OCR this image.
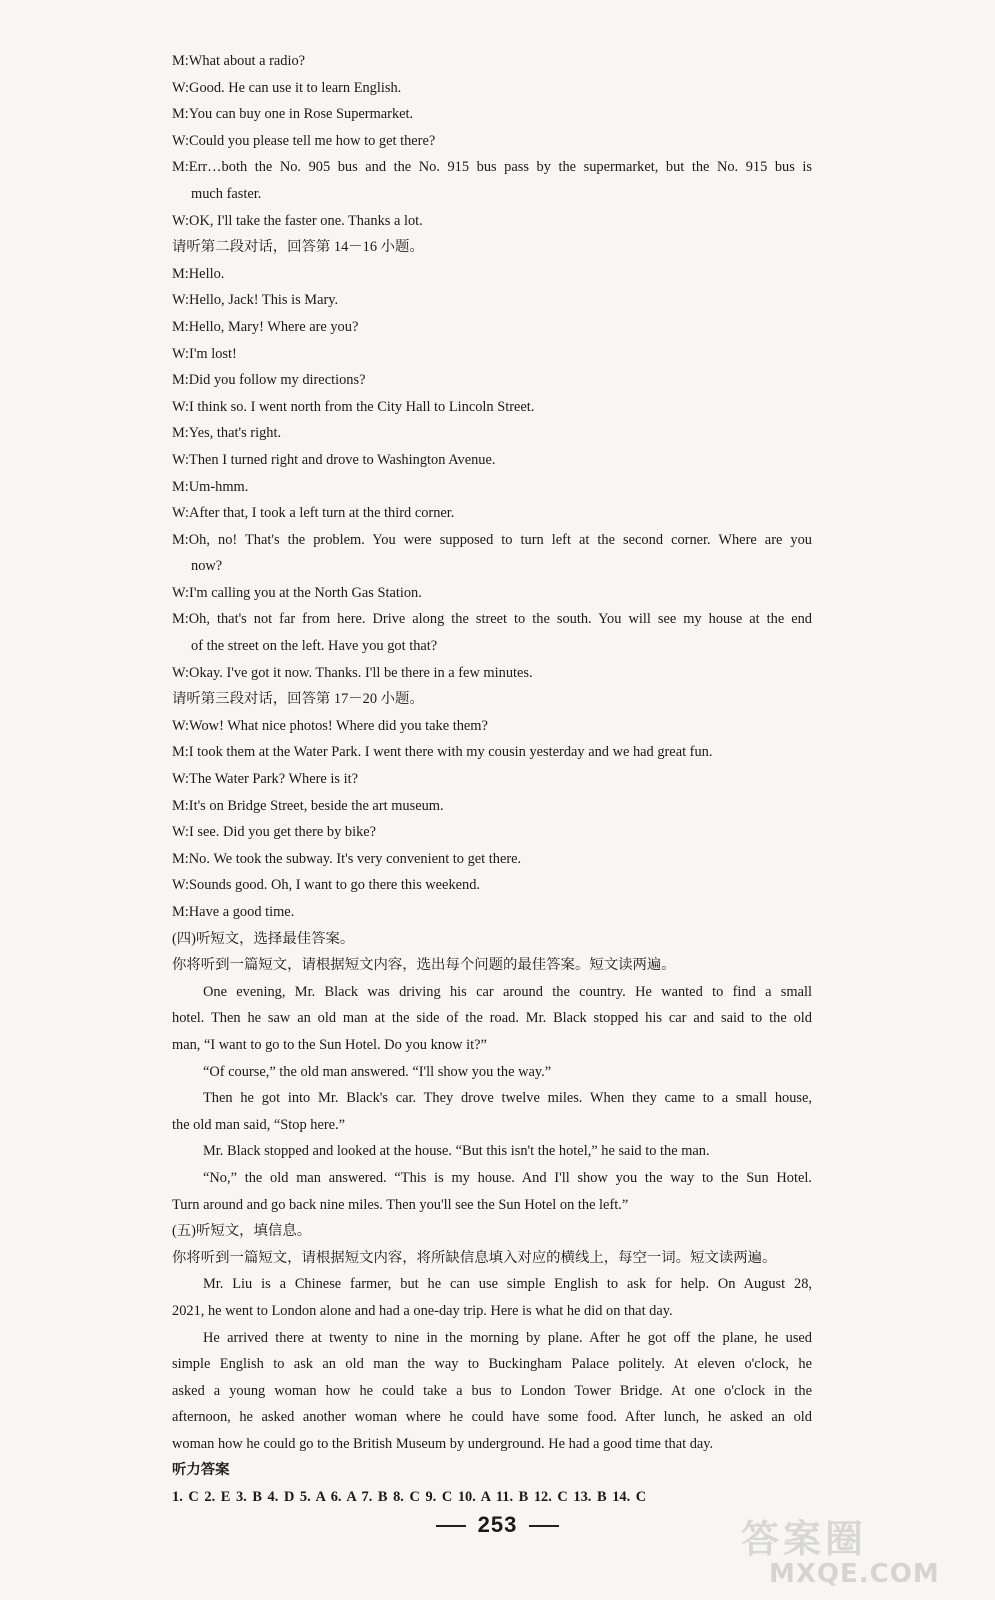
M:What about a radio?
W:Good. He can use it to learn English.
M:You can buy one in Rose Supermarket.
W:Could you please tell me how to get there?
M:Err…both the No. 905 bus and the No. 915 bus pass by the supermarket, but the No. 915 bus is
much faster.
W:OK, I'll take the faster one. Thanks a lot.
请听第二段对话，回答第 14－16 小题。
M:Hello.
W:Hello, Jack! This is Mary.
M:Hello, Mary! Where are you?
W:I'm lost!
M:Did you follow my directions?
W:I think so. I went north from the City Hall to Lincoln Street.
M:Yes, that's right.
W:Then I turned right and drove to Washington Avenue.
M:Um-hmm.
W:After that, I took a left turn at the third corner.
M:Oh, no! That's the problem. You were supposed to turn left at the second corner. Where are you
now?
W:I'm calling you at the North Gas Station.
M:Oh, that's not far from here. Drive along the street to the south. You will see my house at the end
of the street on the left. Have you got that?
W:Okay. I've got it now. Thanks. I'll be there in a few minutes.
请听第三段对话，回答第 17－20 小题。
W:Wow! What nice photos! Where did you take them?
M:I took them at the Water Park. I went there with my cousin yesterday and we had great fun.
W:The Water Park? Where is it?
M:It's on Bridge Street, beside the art museum.
W:I see. Did you get there by bike?
M:No. We took the subway. It's very convenient to get there.
W:Sounds good. Oh, I want to go there this weekend.
M:Have a good time.
(四)听短文，选择最佳答案。
你将听到一篇短文，请根据短文内容，选出每个问题的最佳答案。短文读两遍。
One evening, Mr. Black was driving his car around the country. He wanted to find a small
hotel. Then he saw an old man at the side of the road. Mr. Black stopped his car and said to the old
man, “I want to go to the Sun Hotel. Do you know it?”
“Of course,” the old man answered. “I'll show you the way.”
Then he got into Mr. Black's car. They drove twelve miles. When they came to a small house,
the old man said, “Stop here.”
Mr. Black stopped and looked at the house. “But this isn't the hotel,” he said to the man.
“No,” the old man answered. “This is my house. And I'll show you the way to the Sun Hotel.
Turn around and go back nine miles. Then you'll see the Sun Hotel on the left.”
(五)听短文，填信息。
你将听到一篇短文，请根据短文内容，将所缺信息填入对应的横线上，每空一词。短文读两遍。
Mr. Liu is a Chinese farmer, but he can use simple English to ask for help. On August 28,
2021, he went to London alone and had a one-day trip. Here is what he did on that day.
He arrived there at twenty to nine in the morning by plane. After he got off the plane, he used
simple English to ask an old man the way to Buckingham Palace politely. At eleven o'clock, he
asked a young woman how he could take a bus to London Tower Bridge. At one o'clock in the
afternoon, he asked another woman where he could have some food. After lunch, he asked an old
woman how he could go to the British Museum by underground. He had a good time that day.
听力答案
1. C 2. E 3. B 4. D 5. A 6. A 7. B 8. C 9. C 10. A 11. B 12. C 13. B 14. C
253	答案圈
MXQE.COM
